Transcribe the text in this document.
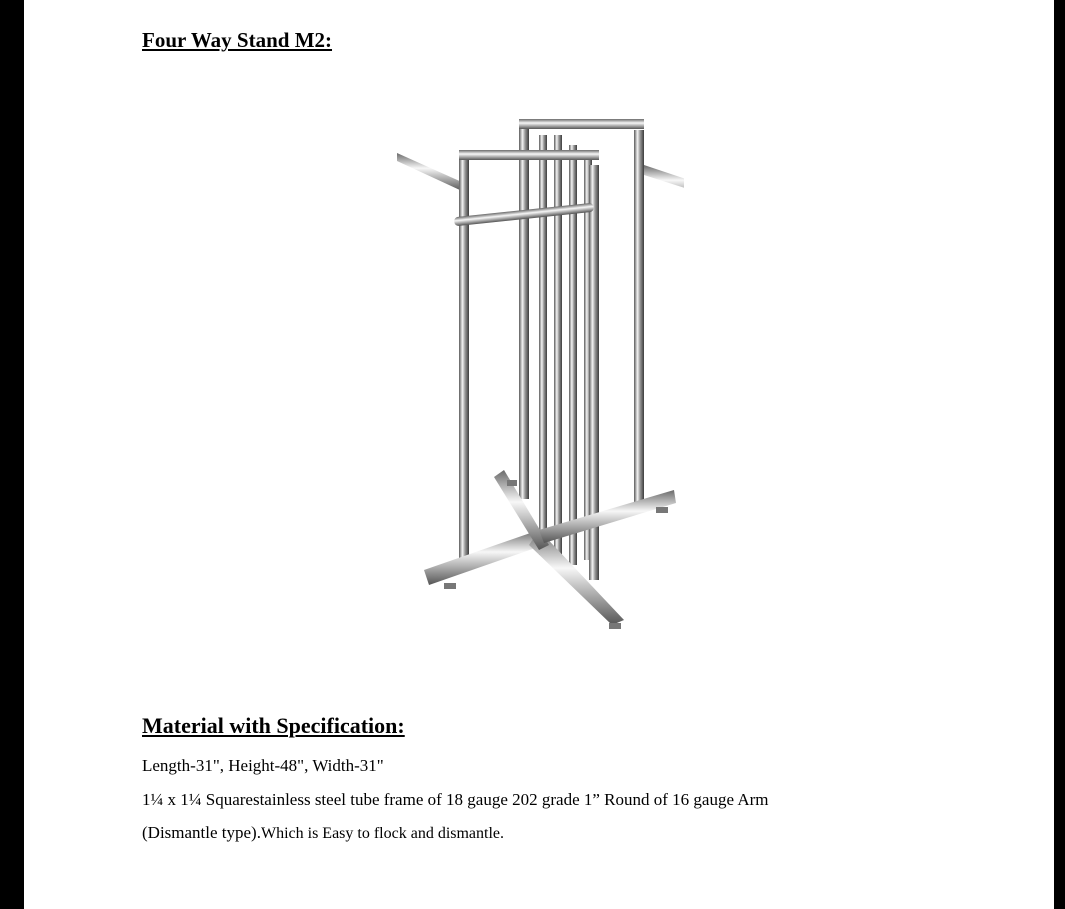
Four Way Stand M2:
Material with Specification:

Length-31", Height-48", Width-31"

1¼ x 1¼ Squarestainless steel tube frame of 18 gauge 202 grade 1” Round of 16 gauge Arm

(Dismantle type).Which is Easy to flock and dismantle.
